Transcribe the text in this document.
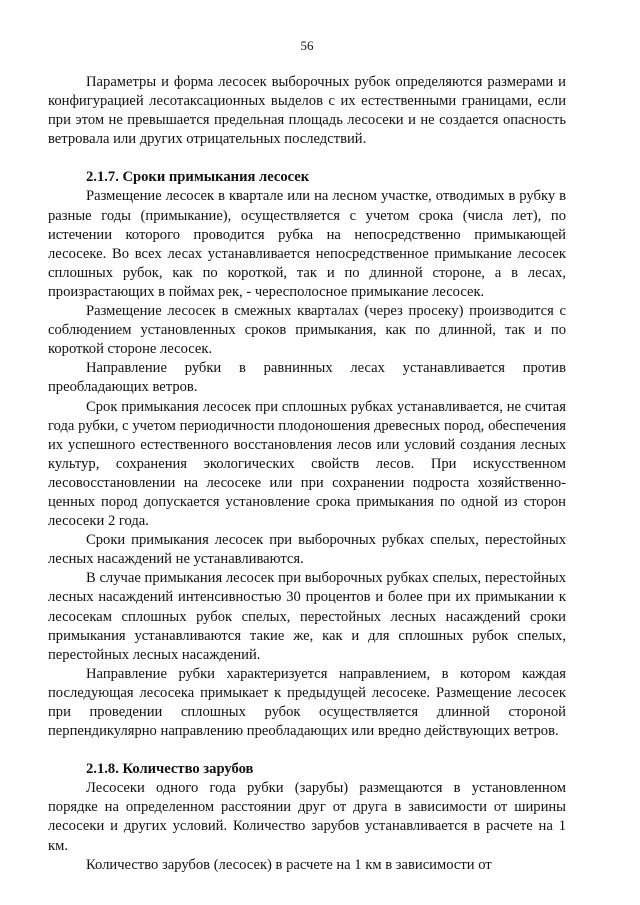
56

Параметры и форма лесосек выборочных рубок определяются размерами и конфигурацией лесотаксационных выделов с их естественными границами, если при этом не превышается предельная площадь лесосеки и не создается опасность ветровала или других отрицательных последствий.

2.1.7. Сроки примыкания лесосек

Размещение лесосек в квартале или на лесном участке, отводимых в рубку в разные годы (примыкание), осуществляется с учетом срока (числа лет), по истечении которого проводится рубка на непосредственно примыкающей лесосеке. Во всех лесах устанавливается непосредственное примыкание лесосек сплошных рубок, как по короткой, так и по длинной стороне, а в лесах, произрастающих в поймах рек, - чересполосное примыкание лесосек.

Размещение лесосек в смежных кварталах (через просеку) производится с соблюдением установленных сроков примыкания, как по длинной, так и по короткой стороне лесосек.

Направление рубки в равнинных лесах устанавливается против преобладающих ветров.

Срок примыкания лесосек при сплошных рубках устанавливается, не считая года рубки, с учетом периодичности плодоношения древесных пород, обеспечения их успешного естественного восстановления лесов или условий создания лесных культур, сохранения экологических свойств лесов. При искусственном лесовосстановлении на лесосеке или при сохранении подроста хозяйственно-ценных пород допускается установление срока примыкания по одной из сторон лесосеки 2 года.

Сроки примыкания лесосек при выборочных рубках спелых, перестойных лесных насаждений не устанавливаются.

В случае примыкания лесосек при выборочных рубках спелых, перестойных лесных насаждений интенсивностью 30 процентов и более при их примыкании к лесосекам сплошных рубок спелых, перестойных лесных насаждений сроки примыкания устанавливаются такие же, как и для сплошных рубок спелых, перестойных лесных насаждений.

Направление рубки характеризуется направлением, в котором каждая последующая лесосека примыкает к предыдущей лесосеке. Размещение лесосек при проведении сплошных рубок осуществляется длинной стороной перпендикулярно направлению преобладающих или вредно действующих ветров.

2.1.8. Количество зарубов

Лесосеки одного года рубки (зарубы) размещаются в установленном порядке на определенном расстоянии друг от друга в зависимости от ширины лесосеки и других условий. Количество зарубов устанавливается в расчете на 1 км.

Количество зарубов (лесосек) в расчете на 1 км в зависимости от
